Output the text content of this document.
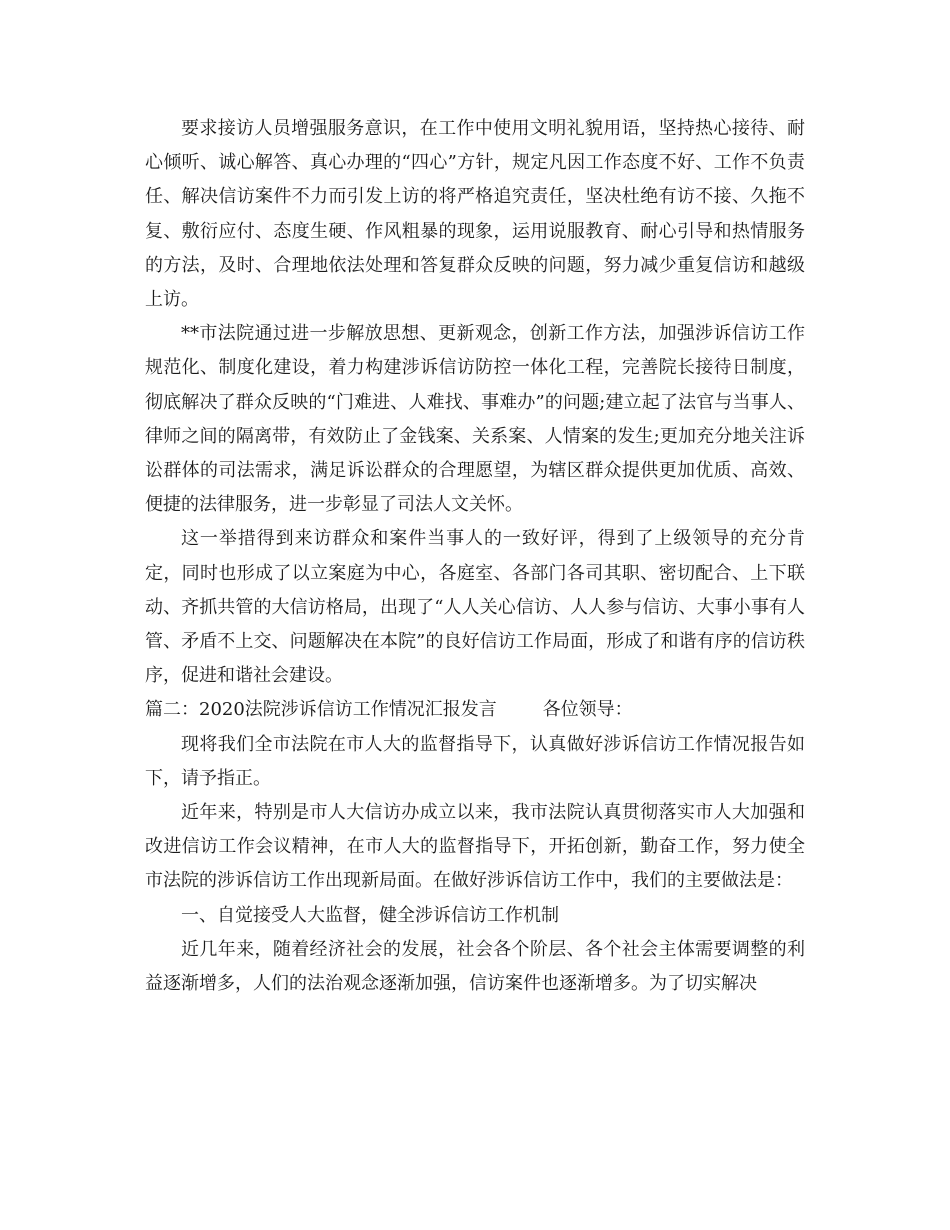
要求接访人员增强服务意识，在工作中使用文明礼貌用语，坚持热心接待、耐心倾听、诚心解答、真心办理的“四心”方针，规定凡因工作态度不好、工作不负责任、解决信访案件不力而引发上访的将严格追究责任，坚决杜绝有访不接、久拖不复、敷衍应付、态度生硬、作风粗暴的现象，运用说服教育、耐心引导和热情服务的方法，及时、合理地依法处理和答复群众反映的问题，努力减少重复信访和越级上访。

**市法院通过进一步解放思想、更新观念，创新工作方法，加强涉诉信访工作规范化、制度化建设，着力构建涉诉信访防控一体化工程，完善院长接待日制度，彻底解决了群众反映的“门难进、人难找、事难办”的问题;建立起了法官与当事人、律师之间的隔离带，有效防止了金钱案、关系案、人情案的发生;更加充分地关注诉讼群体的司法需求，满足诉讼群众的合理愿望，为辖区群众提供更加优质、高效、便捷的法律服务，进一步彰显了司法人文关怀。

这一举措得到来访群众和案件当事人的一致好评，得到了上级领导的充分肯定，同时也形成了以立案庭为中心，各庭室、各部门各司其职、密切配合、上下联动、齐抓共管的大信访格局，出现了“人人关心信访、人人参与信访、大事小事有人管、矛盾不上交、问题解决在本院”的良好信访工作局面，形成了和谐有序的信访秩序，促进和谐社会建设。

篇二：2020法院涉诉信访工作情况汇报发言        各位领导：

现将我们全市法院在市人大的监督指导下，认真做好涉诉信访工作情况报告如下，请予指正。

近年来，特别是市人大信访办成立以来，我市法院认真贯彻落实市人大加强和改进信访工作会议精神，在市人大的监督指导下，开拓创新，勤奋工作，努力使全市法院的涉诉信访工作出现新局面。在做好涉诉信访工作中，我们的主要做法是：

一、自觉接受人大监督，健全涉诉信访工作机制

近几年来，随着经济社会的发展，社会各个阶层、各个社会主体需要调整的利益逐渐增多，人们的法治观念逐渐加强，信访案件也逐渐增多。为了切实解决
